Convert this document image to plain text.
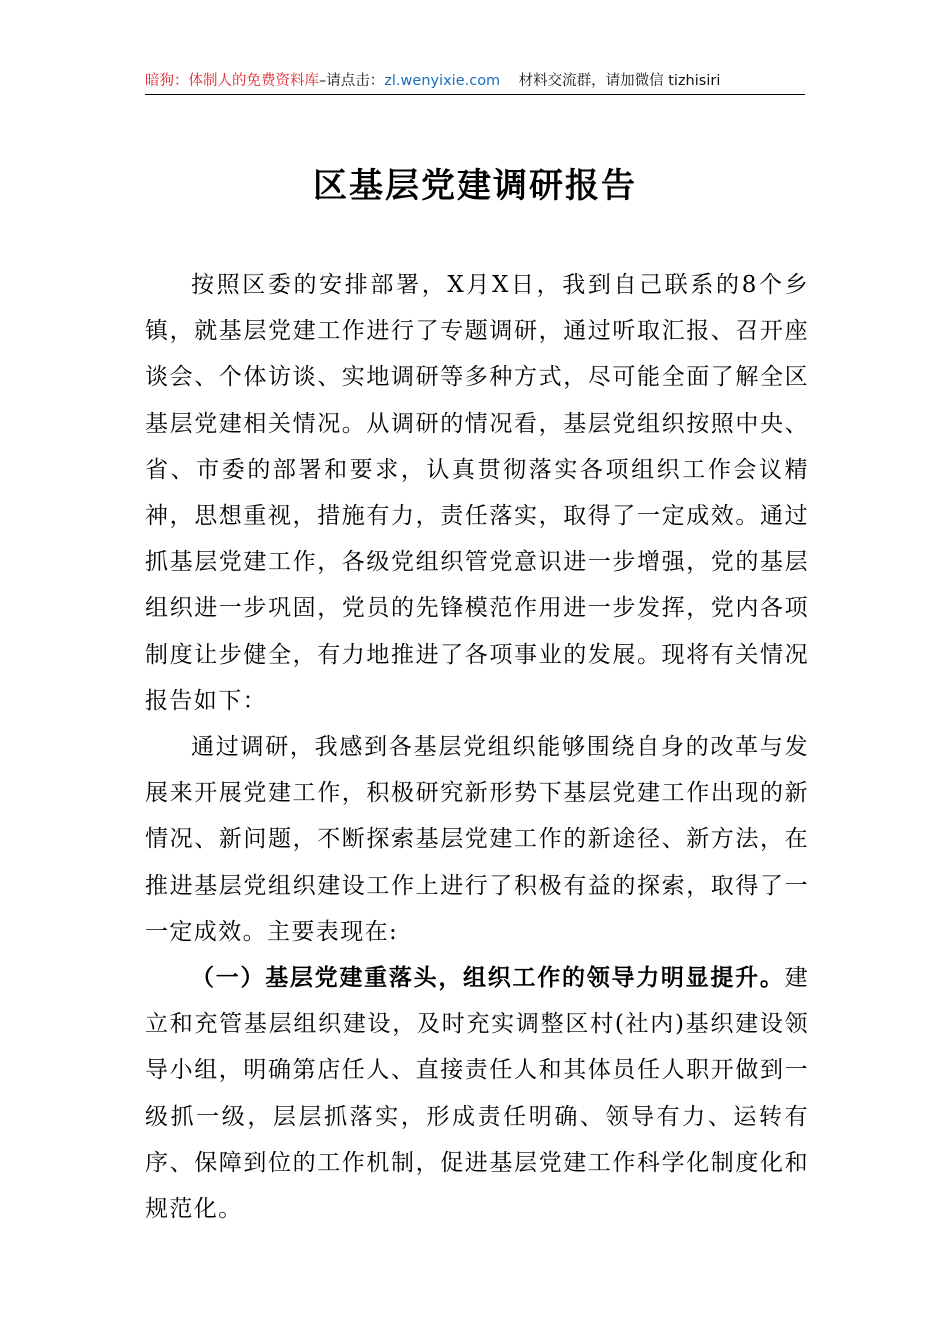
暗狗：体制人的免费资料库–请点击：zl.wenyixie.com 材料交流群，请加微信 tizhisiri
区基层党建调研报告

按照区委的安排部署，X月X日，我到自己联系的8个乡镇，就基层党建工作进行了专题调研，通过听取汇报、召开座谈会、个体访谈、实地调研等多种方式，尽可能全面了解全区基层党建相关情况。从调研的情况看，基层党组织按照中央、省、市委的部署和要求，认真贯彻落实各项组织工作会议精神，思想重视，措施有力，责任落实，取得了一定成效。通过抓基层党建工作，各级党组织管党意识进一步增强，党的基层组织进一步巩固，党员的先锋模范作用进一步发挥，党内各项制度让步健全，有力地推进了各项事业的发展。现将有关情况报告如下：

通过调研，我感到各基层党组织能够围绕自身的改革与发展来开展党建工作，积极研究新形势下基层党建工作出现的新情况、新问题，不断探索基层党建工作的新途径、新方法，在推进基层党组织建设工作上进行了积极有益的探索，取得了一一定成效。主要表现在:

（一）基层党建重落头，组织工作的领导力明显提升。建立和充管基层组织建设，及时充实调整区村(社内)基织建设领导小组，明确第店任人、直接责任人和其体员任人职开做到一级抓一级，层层抓落实，形成责任明确、领导有力、运转有序、保障到位的工作机制，促进基层党建工作科学化制度化和规范化。
